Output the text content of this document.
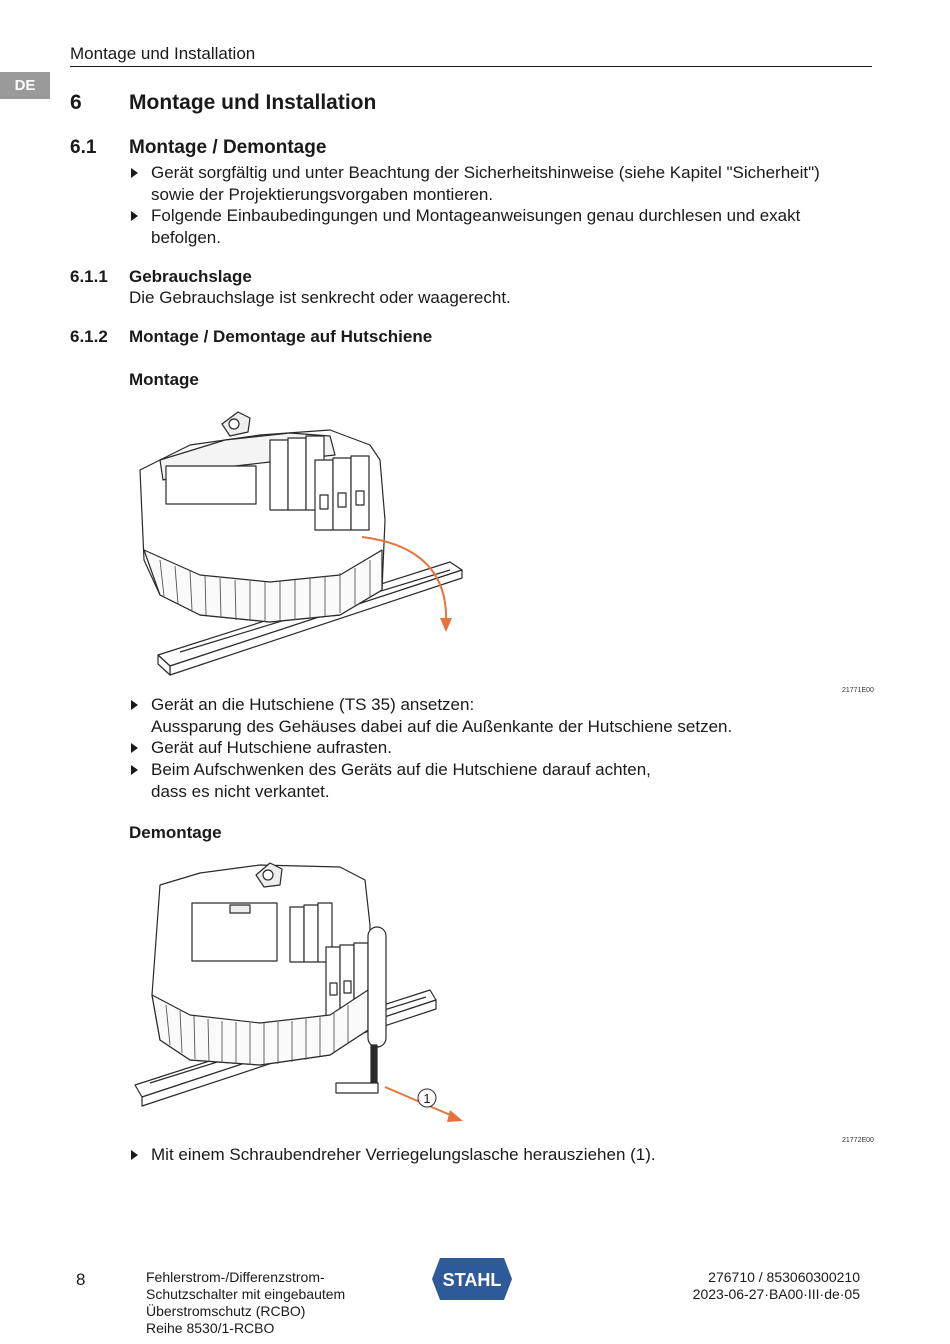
Montage und Installation
DE
6 Montage und Installation
6.1 Montage / Demontage
Gerät sorgfältig und unter Beachtung der Sicherheitshinweise (siehe Kapitel "Sicherheit")
sowie der Projektierungsvorgaben montieren.
Folgende Einbaubedingungen und Montageanweisungen genau durchlesen und exakt
befolgen.
6.1.1 Gebrauchslage
Die Gebrauchslage ist senkrecht oder waagerecht.
6.1.2 Montage / Demontage auf Hutschiene
Montage
21771E00
Gerät an die Hutschiene (TS 35) ansetzen:
Aussparung des Gehäuses dabei auf die Außenkante der Hutschiene setzen.
Gerät auf Hutschiene aufrasten.
Beim Aufschwenken des Geräts auf die Hutschiene darauf achten,
dass es nicht verkantet.
Demontage
1
21772E00
Mit einem Schraubendreher Verriegelungslasche herausziehen (1).
8	Fehlerstrom-/Differenzstrom-
Schutzschalter mit eingebautem
Überstromschutz (RCBO)
Reihe 8530/1-RCBO
STAHL	276710 / 853060300210
2023-06-27·BA00·III·de·05
